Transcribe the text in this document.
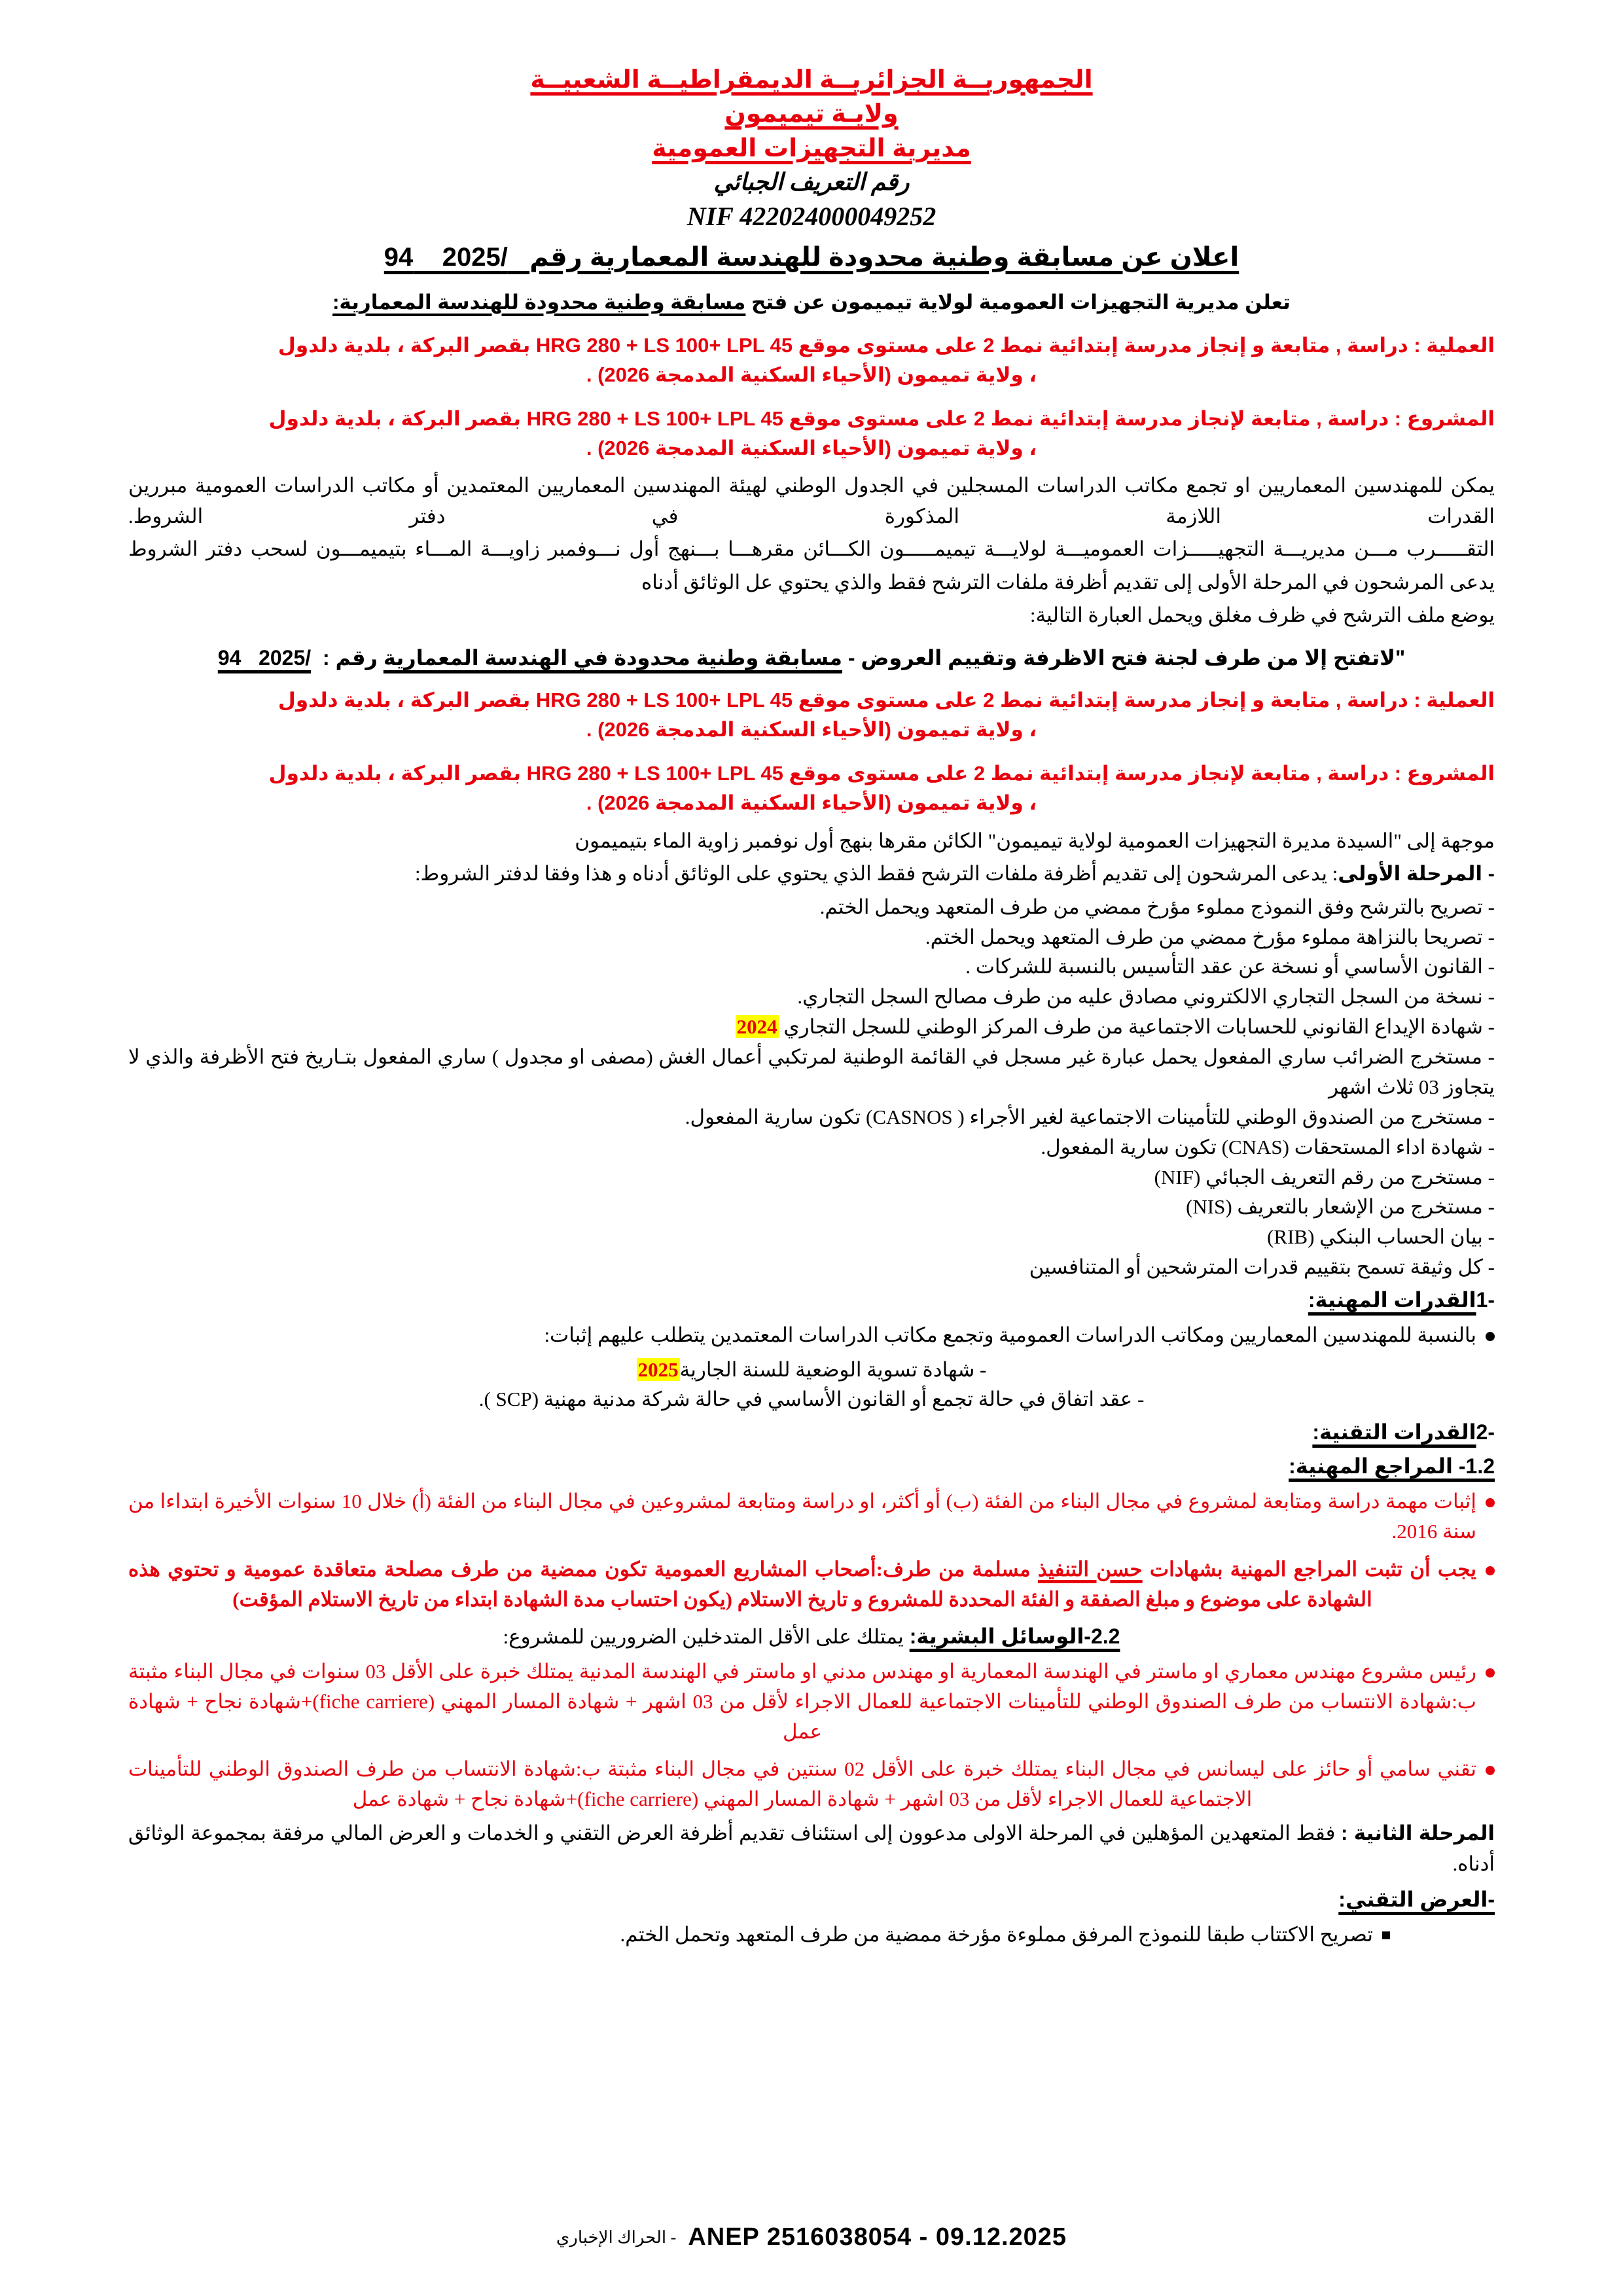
الجمهوريــة الجزائريــة الديمقراطيــة الشعبيــة
ولايـة تيميمون
مديرية التجهيزات العمومية
رقم التعريف الجبائي
NIF 422024000049252
اعلان عن مسابقة وطنية محدودة للهندسة المعمارية رقم   94 2025/
تعلن مديرية التجهيزات العمومية لولاية تيميمون عن فتح مسابقة وطنية محدودة للهندسة المعمارية:
العملية : دراسة , متابعة و إنجاز مدرسة إبتدائية نمط 2 على مستوى موقع HRG 280 + LS 100+ LPL 45 بقصر البركة ، بلدية دلدول
، ولاية تميمون (الأحياء السكنية المدمجة 2026) .
المشروع : دراسة , متابعة لإنجاز مدرسة إبتدائية نمط 2 على مستوى موقع HRG 280 + LS 100+ LPL 45 بقصر البركة ، بلدية دلدول
، ولاية تميمون (الأحياء السكنية المدمجة 2026) .
يمكن للمهندسين المعماريين او تجمع مكاتب الدراسات المسجلين في الجدول الوطني لهيئة المهندسين المعماريين المعتمدين أو مكاتب الدراسات العمومية مبررين القدرات اللازمة المذكورة في دفتر الشروط.
التقـــــرب مـــن مديريـــة التجهيـــــزات العموميـــة لولايـــة تيميمـــــون الكـــائن مقرهـــا بـــنهج أول نـــوفمبر زاويـــة المـــاء بتيميمـــون لسحب دفتر الشروط
يدعى المرشحون في المرحلة الأولى إلى تقديم أظرفة ملفات الترشح فقط والذي يحتوي عل الوثائق أدناه
يوضع ملف الترشح في ظرف مغلق ويحمل العبارة التالية:
"لاتفتح إلا من طرف لجنة فتح الاظرفة وتقييم العروض - مسابقة وطنية محدودة في الهندسة المعمارية رقم :  94 2025/
العملية : دراسة , متابعة و إنجاز مدرسة إبتدائية نمط 2 على مستوى موقع HRG 280 + LS 100+ LPL 45 بقصر البركة ، بلدية دلدول
، ولاية تميمون (الأحياء السكنية المدمجة 2026) .
المشروع : دراسة , متابعة لإنجاز مدرسة إبتدائية نمط 2 على مستوى موقع HRG 280 + LS 100+ LPL 45 بقصر البركة ، بلدية دلدول
، ولاية تميمون (الأحياء السكنية المدمجة 2026) .
موجهة إلى "السيدة مديرة التجهيزات العمومية لولاية تيميمون" الكائن مقرها بنهج أول نوفمبر زاوية الماء بتيميمون
- المرحلة الأولى: يدعى المرشحون إلى تقديم أظرفة ملفات الترشح فقط الذي يحتوي على الوثائق أدناه و هذا وفقا لدفتر الشروط:
- تصريح بالترشح وفق النموذج مملوء مؤرخ ممضي من طرف المتعهد ويحمل الختم.
- تصريحا بالنزاهة مملوء مؤرخ ممضي من طرف المتعهد ويحمل الختم.
- القانون الأساسي أو نسخة عن عقد التأسيس بالنسبة للشركات .
- نسخة من السجل التجاري الالكتروني مصادق عليه من طرف مصالح السجل التجاري.
- شهادة الإيداع القانوني للحسابات الاجتماعية من طرف المركز الوطني للسجل التجاري 2024
- مستخرج الضرائب ساري المفعول يحمل عبارة غير مسجل في القائمة الوطنية لمرتكبي أعمال الغش (مصفى او مجدول ) ساري المفعول بتـاريخ فتح الأظرفة والذي لا يتجاوز 03 ثلاث اشهر
- مستخرج من الصندوق الوطني للتأمينات الاجتماعية لغير الأجراء ( CASNOS) تكون سارية المفعول.
- شهادة اداء المستحقات (CNAS) تكون سارية المفعول.
- مستخرج من رقم التعريف الجبائي (NIF)
- مستخرج من الإشعار بالتعريف (NIS)
- بيان الحساب البنكي (RIB)
- كل وثيقة تسمح بتقييم قدرات المترشحين أو المتنافسين
1-القدرات المهنية:
بالنسبة للمهندسين المعماريين ومكاتب الدراسات العمومية وتجمع مكاتب الدراسات المعتمدين يتطلب عليهم إثبات:
- شهادة تسوية الوضعية للسنة الجارية2025
- عقد اتفاق في حالة تجمع أو القانون الأساسي في حالة شركة مدنية مهنية (SCP ).
2-القدرات التقنية:
1.2- المراجع المهنية:
إثبات مهمة دراسة ومتابعة لمشروع في مجال البناء من الفئة (ب) أو أكثر، او دراسة ومتابعة لمشروعين في مجال البناء من الفئة (أ) خلال 10 سنوات الأخيرة ابتداءا من سنة 2016.
يجب أن تثبت المراجع المهنية بشهادات حسن التنفيذ مسلمة من طرف:أصحاب المشاريع العمومية تكون ممضية من طرف مصلحة متعاقدة عمومية و تحتوي هذه الشهادة على موضوع و مبلغ الصفقة و الفئة المحددة للمشروع و تاريخ الاستلام (يكون احتساب مدة الشهادة ابتداء من تاريخ الاستلام المؤقت)
2.2-الوسائل البشرية: يمتلك على الأقل المتدخلين الضروريين للمشروع:
رئيس مشروع مهندس معماري او ماستر في الهندسة المعمارية او مهندس مدني او ماستر في الهندسة المدنية يمتلك خبرة على الأقل 03 سنوات في مجال البناء مثبتة ب:شهادة الانتساب من طرف الصندوق الوطني للتأمينات الاجتماعية للعمال الاجراء لأقل من 03 اشهر + شهادة المسار المهني (fiche carriere)+شهادة نجاح + شهادة عمل
تقني سامي أو حائز على ليسانس في مجال البناء يمتلك خبرة على الأقل 02 سنتين في مجال البناء مثبتة ب:شهادة الانتساب من طرف الصندوق الوطني للتأمينات الاجتماعية للعمال الاجراء لأقل من 03 اشهر + شهادة المسار المهني (fiche carriere)+شهادة نجاح + شهادة عمل
المرحلة الثانية : فقط المتعهدين المؤهلين في المرحلة الاولى مدعوون إلى استئناف تقديم أظرفة العرض التقني و الخدمات و العرض المالي مرفقة بمجموعة الوثائق أدناه.
-العرض التقني:
تصريح الاكتتاب طبقا للنموذج المرفق مملوءة مؤرخة ممضية من طرف المتعهد وتحمل الختم.
ANEP 2516038054 - 09.12.2025 - الحراك الإخباري
